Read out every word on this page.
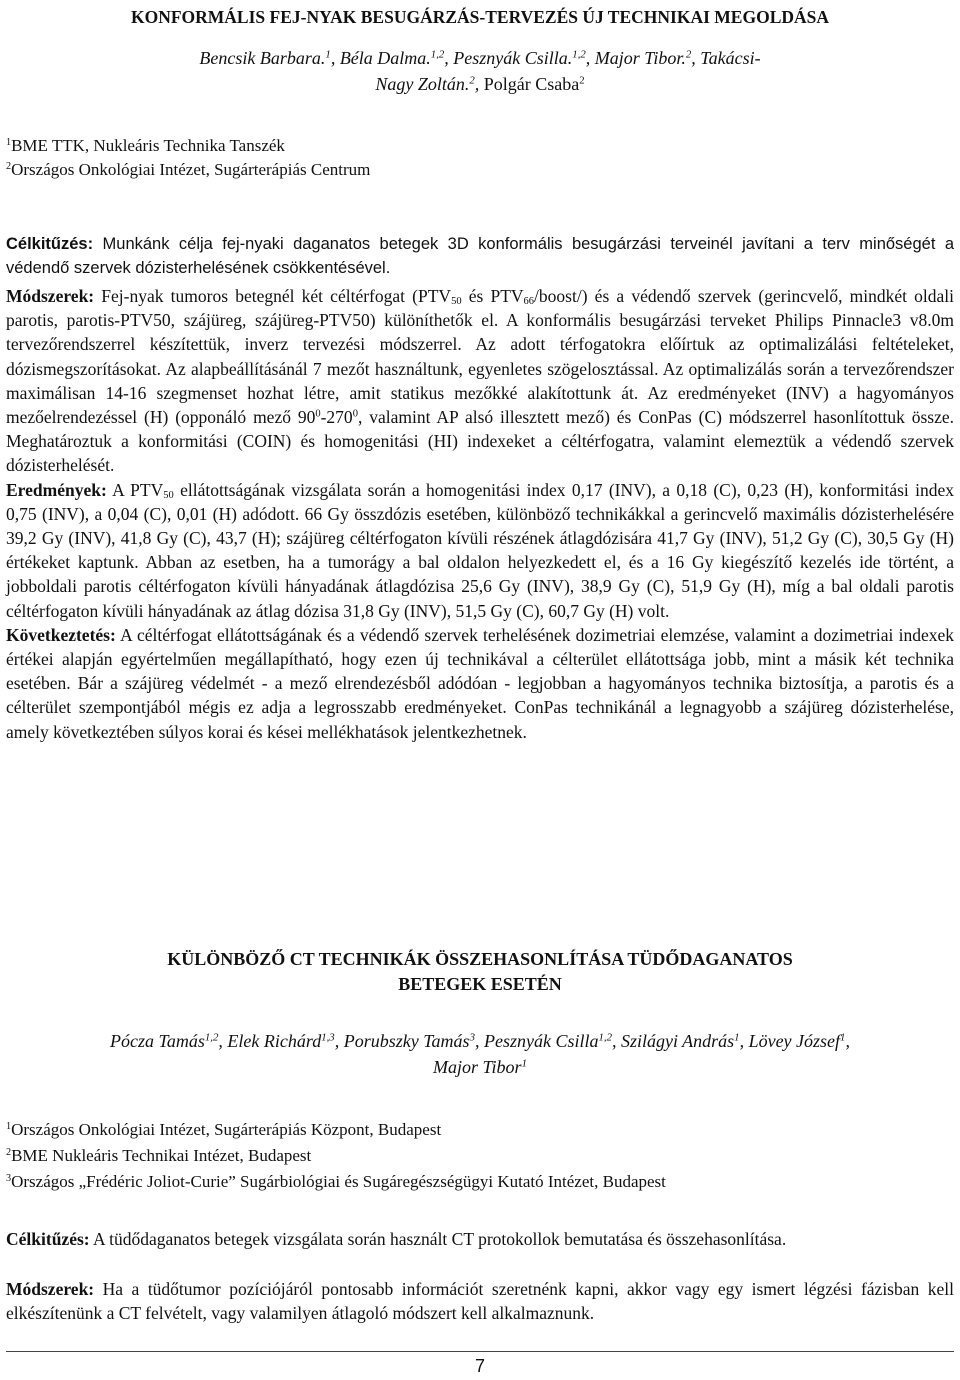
KONFORMÁLIS FEJ-NYAK BESUGÁRZÁS-TERVEZÉS ÚJ TECHNIKAI MEGOLDÁSA
Bencsik Barbara.$^1$, Béla Dalma.$^{1,2}$, Pesznyák Csilla.$^{1,2}$, Major Tibor.$^2$, Takácsi-Nagy Zoltán.$^2$, Polgár Csaba$^2$
$^1$BME TTK, Nukleáris Technika Tanszék
$^2$Országos Onkológiai Intézet, Sugárterápiás Centrum
Célkitűzés: Munkánk célja fej-nyaki daganatos betegek 3D konformális besugárzási terveinél javítani a terv minőségét a védendő szervek dózisterhelésének csökkentésével.
Módszerek: Fej-nyak tumoros betegnél két céltérfogat ($PTV_{50}$ és $PTV_{66}/boost/$) és a védendő szervek (gerincvelő, mindkét oldali parotis, parotis-PTV50, szájüreg, szájüreg-PTV50) különíthetők el. A konformális besugárzási terveket Philips Pinnacle3 v8.0m tervezőrendszerrel készítettük, inverz tervezési módszerrel. Az adott térfogatokra előírtuk az optimalizálási feltételeket, dózismegszorításokat. Az alapbeállításánál 7 mezőt használtunk, egyenletes szögelosztással. Az optimalizálás során a tervezőrendszer maximálisan 14-16 szegmenset hozhat létre, amit statikus mezőkké alakítottunk át. Az eredményeket (INV) a hagyományos mezőelrendezéssel (H) (opponáló mező $90^0-270^0$, valamint AP alsó illesztett mező) és ConPas (C) módszerrel hasonlítottuk össze. Meghatároztuk a konformitási (COIN) és homogenitási (HI) indexeket a céltérfogatra, valamint elemeztük a védendő szervek dózisterhelését.
Eredmények: A $PTV_{50}$ ellátottságának vizsgálata során a homogenitási index 0,17 (INV), a 0,18 (C), 0,23 (H), konformitási index 0,75 (INV), a 0,04 (C), 0,01 (H) adódott. 66 Gy összdózis esetében, különböző technikákkal a gerincvelő maximális dózisterhelésére 39,2 Gy (INV), 41,8 Gy (C), 43,7 (H); szájüreg céltérfogaton kívüli részének átlagdózisára 41,7 Gy (INV), 51,2 Gy (C), 30,5 Gy (H) értékeket kaptunk. Abban az esetben, ha a tumorágy a bal oldalon helyezkedett el, és a 16 Gy kiegészítő kezelés ide történt, a jobboldali parotis céltérfogaton kívüli hányadának átlagdózisa 25,6 Gy (INV), 38,9 Gy (C), 51,9 Gy (H), míg a bal oldali parotis céltérfogaton kívüli hányadának az átlag dózisa 31,8 Gy (INV), 51,5 Gy (C), 60,7 Gy (H) volt.
Következtetés: A céltérfogat ellátottságának és a védendő szervek terhelésének dozimetriai elemzése, valamint a dozimetriai indexek értékei alapján egyértelműen megállapítható, hogy ezen új technikával a célterület ellátottsága jobb, mint a másik két technika esetében. Bár a szájüreg védelmét - a mező elrendezésből adódóan - legjobban a hagyományos technika biztosítja, a parotis és a célterület szempontjából mégis ez adja a legrosszabb eredményeket. ConPas technikánál a legnagyobb a szájüreg dózisterhelése, amely következtében súlyos korai és kései mellékhatások jelentkezhetnek.
KÜLÖNBÖZŐ CT TECHNIKÁK ÖSSZEHASONLÍTÁSA TÜDŐDAGANATOS
BETEGEK ESETÉN
Pócza Tamás$^{1,2}$, Elek Richárd$^{1,3}$, Porubszky Tamás$^3$, Pesznyák Csilla$^{1,2}$, Szilágyi András$^1$, Lövey József$^1$, Major Tibor$^1$
$^1$Országos Onkológiai Intézet, Sugárterápiás Központ, Budapest
$^2$BME Nukleáris Technikai Intézet, Budapest
$^3$Országos „Frédéric Joliot-Curie” Sugárbiológiai és Sugáregészségügyi Kutató Intézet, Budapest
Célkitűzés: A tüdődaganatos betegek vizsgálata során használt CT protokollok bemutatása és összehasonlítása.
Módszerek: Ha a tüdőtumor pozíciójáról pontosabb információt szeretnénk kapni, akkor vagy egy ismert légzési fázisban kell elkészítenünk a CT felvételt, vagy valamilyen átlagoló módszert kell alkalmaznunk.
7
